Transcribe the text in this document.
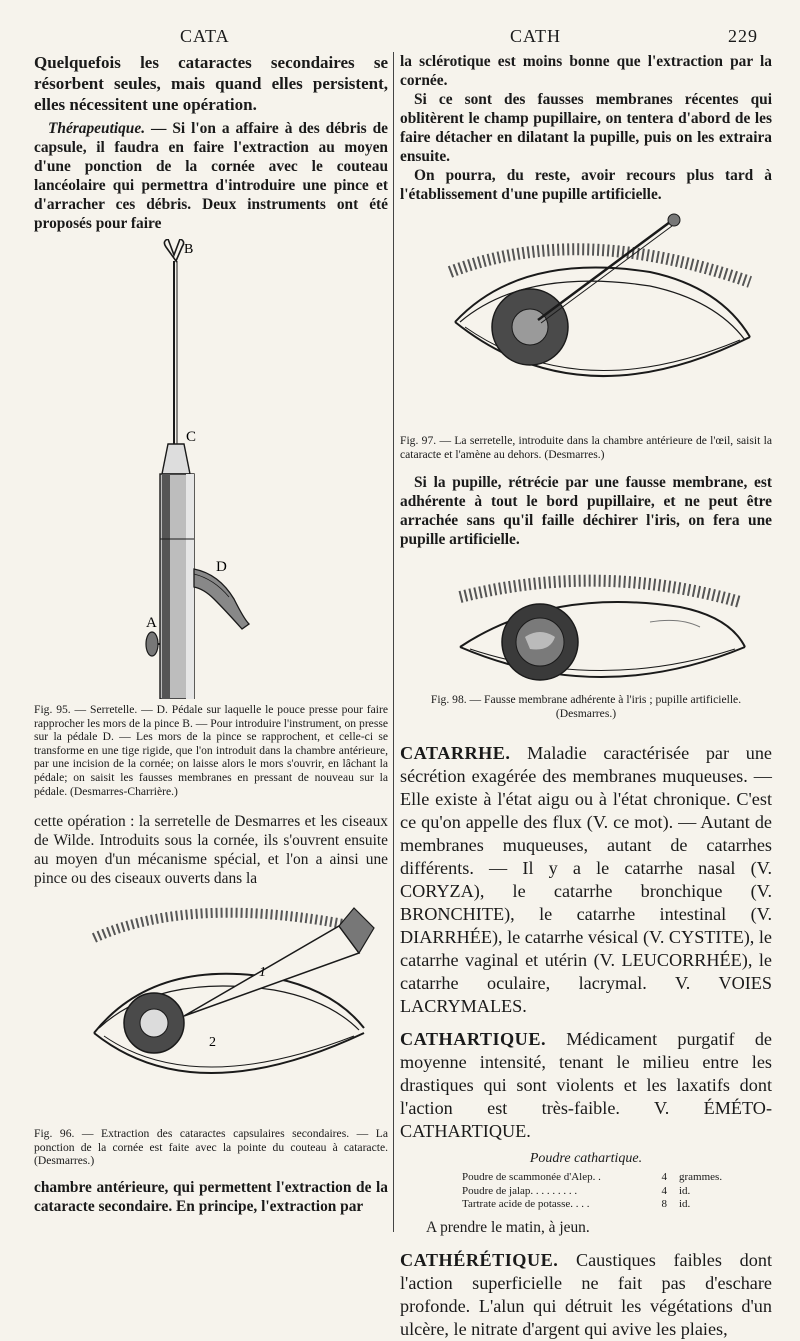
CATA	CATH	229

Quelquefois les cataractes secondaires se résorbent seules, mais quand elles persistent, elles nécessitent une opération.

Thérapeutique. — Si l'on a affaire à des débris de capsule, il faudra en faire l'extraction au moyen d'une ponction de la cornée avec le couteau lancéolaire qui permettra d'introduire une pince et d'arracher ces débris. Deux instruments ont été proposés pour faire

B
C
D
A

Fig. 95. — Serretelle. — D. Pédale sur laquelle le pouce presse pour faire rapprocher les mors de la pince B. — Pour introduire l'instrument, on presse sur la pédale D. — Les mors de la pince se rapprochent, et celle-ci se transforme en une tige rigide, que l'on introduit dans la chambre antérieure, par une incision de la cornée; on laisse alors le mors s'ouvrir, en lâchant la pédale; on saisit les fausses membranes en pressant de nouveau sur la pédale. (Desmarres-Charrière.)

cette opération : la serretelle de Desmarres et les ciseaux de Wilde. Introduits sous la cornée, ils s'ouvrent ensuite au moyen d'un mécanisme spécial, et l'on a ainsi une pince ou des ciseaux ouverts dans la

1
2

Fig. 96. — Extraction des cataractes capsulaires secondaires. — La ponction de la cornée est faite avec la pointe du couteau à cataracte. (Desmarres.)

chambre antérieure, qui permettent l'extraction de la cataracte secondaire. En principe, l'extraction par

la sclérotique est moins bonne que l'extraction par la cornée.

Si ce sont des fausses membranes récentes qui oblitèrent le champ pupillaire, on tentera d'abord de les faire détacher en dilatant la pupille, puis on les extraira ensuite.

On pourra, du reste, avoir recours plus tard à l'établissement d'une pupille artificielle.

Fig. 97. — La serretelle, introduite dans la chambre antérieure de l'œil, saisit la cataracte et l'amène au dehors. (Desmarres.)

Si la pupille, rétrécie par une fausse membrane, est adhérente à tout le bord pupillaire, et ne peut être arrachée sans qu'il faille déchirer l'iris, on fera une pupille artificielle.

Fig. 98. — Fausse membrane adhérente à l'iris ; pupille artificielle. (Desmarres.)

CATARRHE. Maladie caractérisée par une sécrétion exagérée des membranes muqueuses. — Elle existe à l'état aigu ou à l'état chronique. C'est ce qu'on appelle des flux (V. ce mot). — Autant de membranes muqueuses, autant de catarrhes différents. — Il y a le catarrhe nasal (V. CORYZA), le catarrhe bronchique (V. BRONCHITE), le catarrhe intestinal (V. DIARRHÉE), le catarrhe vésical (V. CYSTITE), le catarrhe vaginal et utérin (V. LEUCORRHÉE), le catarrhe oculaire, lacrymal. V. VOIES LACRYMALES.

CATHARTIQUE. Médicament purgatif de moyenne intensité, tenant le milieu entre les drastiques qui sont violents et les laxatifs dont l'action est très-faible. V. ÉMÉTO-CATHARTIQUE.

Poudre cathartique.

Poudre de scammonée d'Alep. .	4 grammes.
Poudre de jalap. . . . . . . . .	4 id.
Tartrate acide de potasse. . . .	8 id.

A prendre le matin, à jeun.

CATHÉRÉTIQUE. Caustiques faibles dont l'action superficielle ne fait pas d'eschare profonde. L'alun qui détruit les végétations d'un ulcère, le nitrate d'argent qui avive les plaies,
